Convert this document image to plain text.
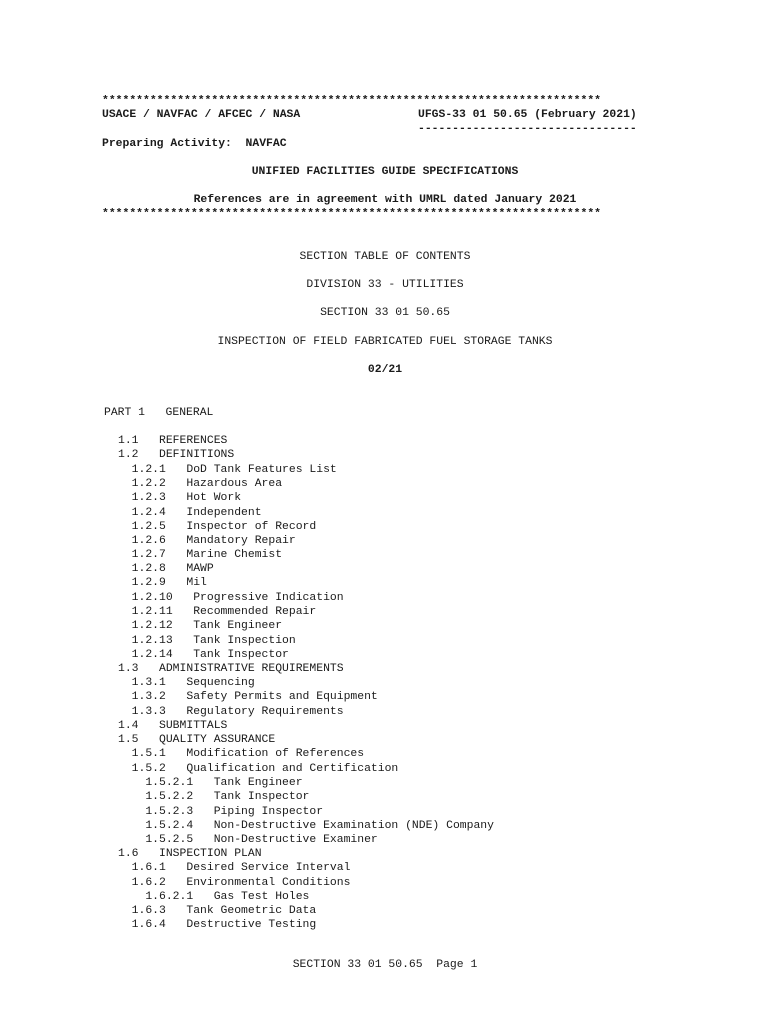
*************************************************************************
USACE / NAVFAC / AFCEC / NASA	UFGS-33 01 50.65 (February 2021)
--------------------------------
Preparing Activity:  NAVFAC
UNIFIED FACILITIES GUIDE SPECIFICATIONS
References are in agreement with UMRL dated January 2021
*************************************************************************
SECTION TABLE OF CONTENTS
DIVISION 33 - UTILITIES
SECTION 33 01 50.65
INSPECTION OF FIELD FABRICATED FUEL STORAGE TANKS
02/21
PART 1   GENERAL
1.1   REFERENCES
1.2   DEFINITIONS
1.2.1   DoD Tank Features List
1.2.2   Hazardous Area
1.2.3   Hot Work
1.2.4   Independent
1.2.5   Inspector of Record
1.2.6   Mandatory Repair
1.2.7   Marine Chemist
1.2.8   MAWP
1.2.9   Mil
1.2.10   Progressive Indication
1.2.11   Recommended Repair
1.2.12   Tank Engineer
1.2.13   Tank Inspection
1.2.14   Tank Inspector
1.3   ADMINISTRATIVE REQUIREMENTS
1.3.1   Sequencing
1.3.2   Safety Permits and Equipment
1.3.3   Regulatory Requirements
1.4   SUBMITTALS
1.5   QUALITY ASSURANCE
1.5.1   Modification of References
1.5.2   Qualification and Certification
1.5.2.1   Tank Engineer
1.5.2.2   Tank Inspector
1.5.2.3   Piping Inspector
1.5.2.4   Non-Destructive Examination (NDE) Company
1.5.2.5   Non-Destructive Examiner
1.6   INSPECTION PLAN
1.6.1   Desired Service Interval
1.6.2   Environmental Conditions
1.6.2.1   Gas Test Holes
1.6.3   Tank Geometric Data
1.6.4   Destructive Testing
SECTION 33 01 50.65  Page 1
